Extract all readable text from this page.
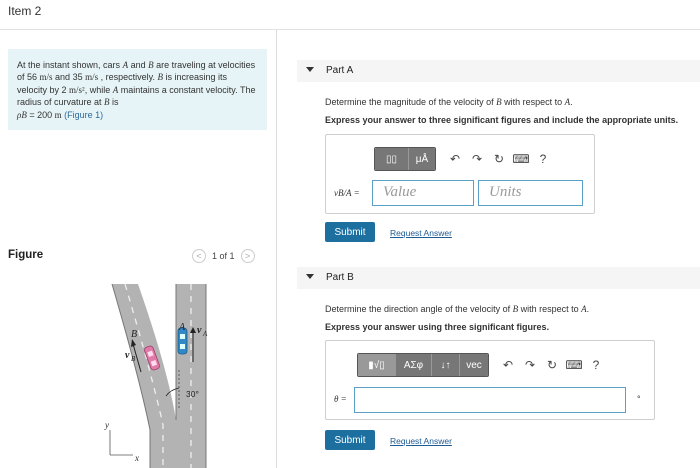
Item 2
At the instant shown, cars A and B are traveling at velocities of 56 m/s and 35 m/s , respectively. B is increasing its velocity by 2 m/s², while A maintains a constant velocity. The radius of curvature at B is
ρB = 200 m (Figure 1)
Figure	<	1 of 1	>
B
A v A
v B
30°
y
x
Part A
Determine the magnitude of the velocity of B with respect to A.
Express your answer to three significant figures and include the appropriate units.
▯▯	μÅ	↶ ↷ ↻ ⌨ ?
vB/A =	Value	Units
Submit	Request Answer
Part B
Determine the direction angle of the velocity of B with respect to A.
Express your answer using three significant figures.
▮√▯	ΑΣφ	↓↑	vec	↶ ↷ ↻ ⌨ ?
θ =	°
Submit	Request Answer
